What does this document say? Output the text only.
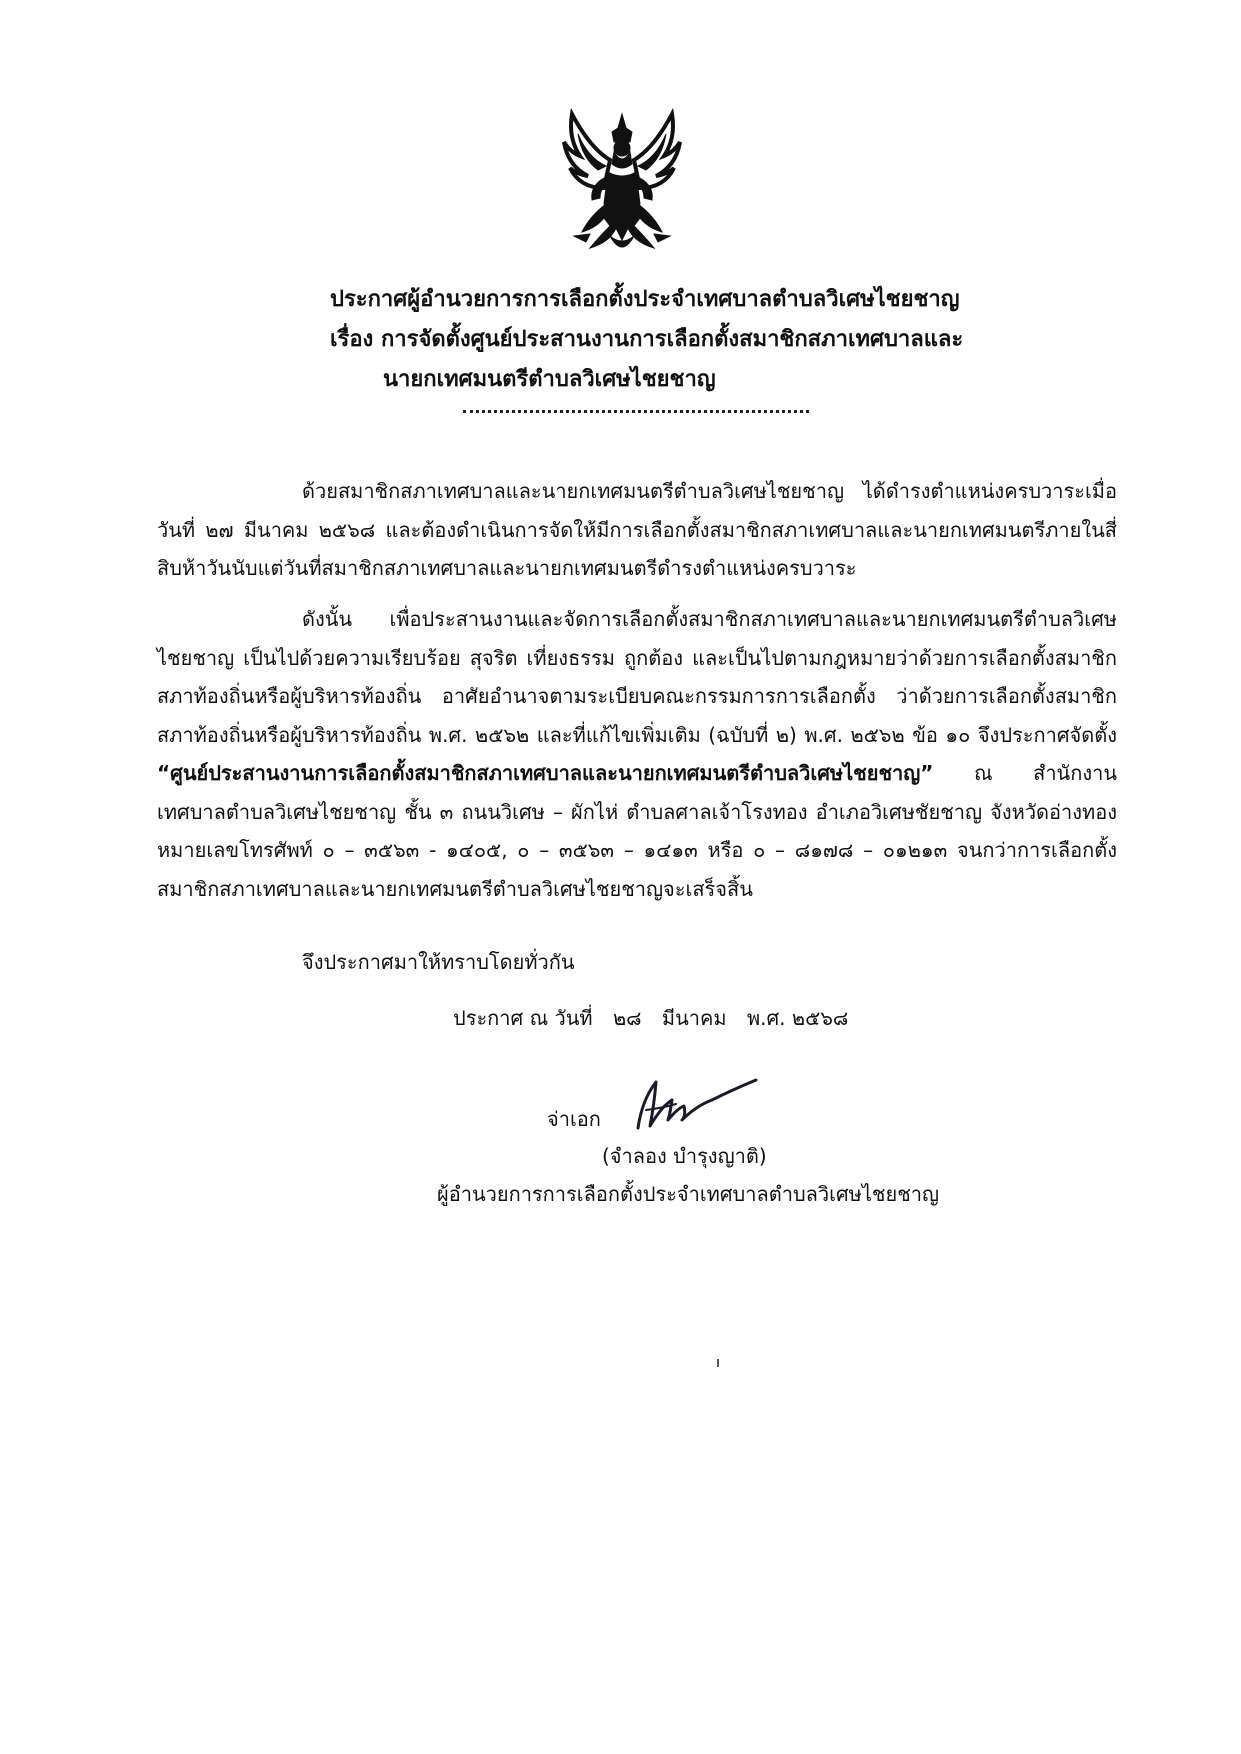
ประกาศผู้อำนวยการการเลือกตั้งประจำเทศบาลตำบลวิเศษไชยชาญ
เรื่อง การจัดตั้งศูนย์ประสานงานการเลือกตั้งสมาชิกสภาเทศบาลและ
นายกเทศมนตรีตำบลวิเศษไชยชาญ
ด้วยสมาชิกสภาเทศบาลและนายกเทศมนตรีตำบลวิเศษไชยชาญ ได้ดำรงตำแหน่งครบวาระเมื่อวันที่ ๒๗ มีนาคม ๒๕๖๘ และต้องดำเนินการจัดให้มีการเลือกตั้งสมาชิกสภาเทศบาลและนายกเทศมนตรีภายในสี่สิบห้าวันนับแต่วันที่สมาชิกสภาเทศบาลและนายกเทศมนตรีดำรงตำแหน่งครบวาระ
ดังนั้น เพื่อประสานงานและจัดการเลือกตั้งสมาชิกสภาเทศบาลและนายกเทศมนตรีตำบลวิเศษไชยชาญ เป็นไปด้วยความเรียบร้อย สุจริต เที่ยงธรรม ถูกต้อง และเป็นไปตามกฎหมายว่าด้วยการเลือกตั้งสมาชิกสภาท้องถิ่นหรือผู้บริหารท้องถิ่น อาศัยอำนาจตามระเบียบคณะกรรมการการเลือกตั้ง ว่าด้วยการเลือกตั้งสมาชิกสภาท้องถิ่นหรือผู้บริหารท้องถิ่น พ.ศ. ๒๕๖๒ และที่แก้ไขเพิ่มเติม (ฉบับที่ ๒) พ.ศ. ๒๕๖๒ ข้อ ๑๐ จึงประกาศจัดตั้ง “ศูนย์ประสานงานการเลือกตั้งสมาชิกสภาเทศบาลและนายกเทศมนตรีตำบลวิเศษไชยชาญ” ณ สำนักงานเทศบาลตำบลวิเศษไชยชาญ ชั้น ๓ ถนนวิเศษ – ผักไห่ ตำบลศาลเจ้าโรงทอง อำเภอวิเศษชัยชาญ จังหวัดอ่างทอง หมายเลขโทรศัพท์ ๐ – ๓๕๖๓ - ๑๔๐๕, ๐ – ๓๕๖๓ – ๑๔๑๓ หรือ ๐ – ๘๑๗๘ – ๐๑๒๑๓ จนกว่าการเลือกตั้งสมาชิกสภาเทศบาลและนายกเทศมนตรีตำบลวิเศษไชยชาญจะเสร็จสิ้น
จึงประกาศมาให้ทราบโดยทั่วกัน
ประกาศ ณ วันที่ ๒๘ มีนาคม พ.ศ. ๒๕๖๘
จ่าเอก
(จำลอง บำรุงญาติ)
ผู้อำนวยการการเลือกตั้งประจำเทศบาลตำบลวิเศษไชยชาญ
